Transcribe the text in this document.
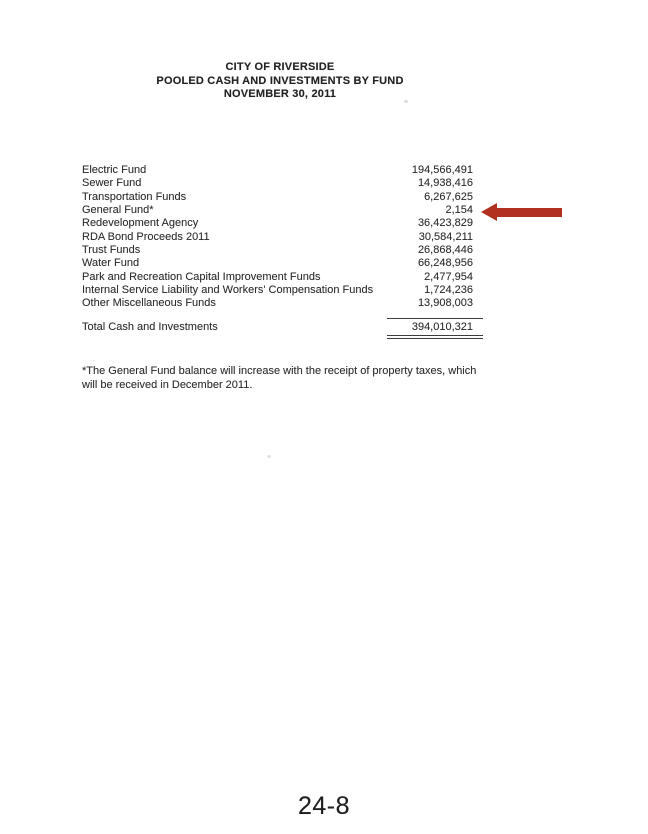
CITY OF RIVERSIDE
POOLED CASH AND INVESTMENTS BY FUND
NOVEMBER 30, 2011
Electric Fund	194,566,491
Sewer Fund	14,938,416
Transportation Funds	6,267,625
General Fund*	2,154
Redevelopment Agency	36,423,829
RDA Bond Proceeds 2011	30,584,211
Trust Funds	26,868,446
Water Fund	66,248,956
Park and Recreation Capital Improvement Funds	2,477,954
Internal Service Liability and Workers' Compensation Funds	1,724,236
Other Miscellaneous Funds	13,908,003
Total Cash and Investments	394,010,321

*The General Fund balance will increase with the receipt of property taxes, which
will be received in December 2011.

24-8
